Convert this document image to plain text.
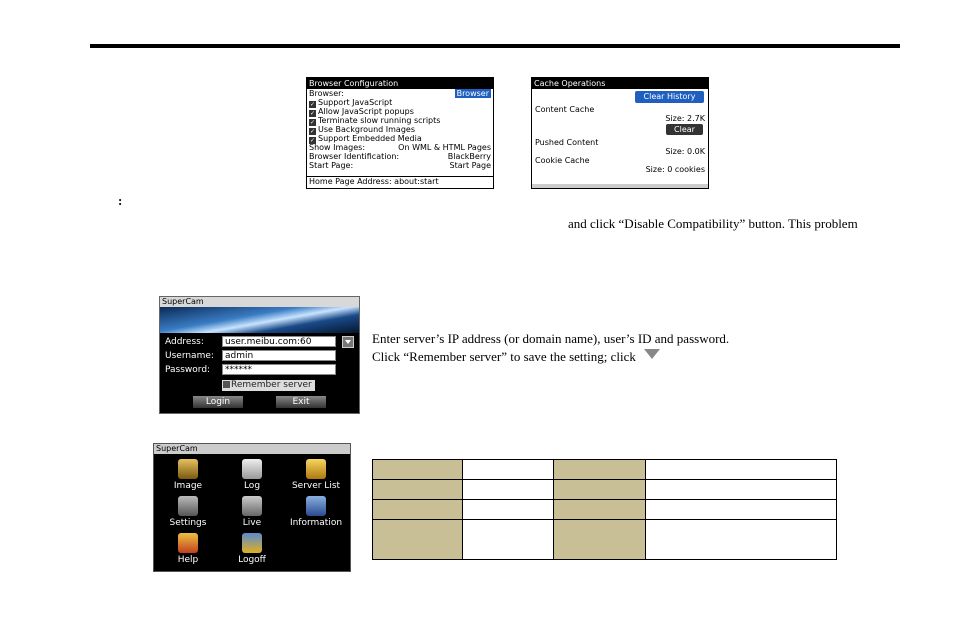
Browser Configuration
Browser:	Browser
✓ Support JavaScript
✓ Allow JavaScript popups
✓ Terminate slow running scripts
✓ Use Background Images
✓ Support Embedded Media
Show Images:	On WML & HTML Pages
Browser Identification:	BlackBerry
Start Page:	Start Page
Home Page Address: about:start
Cache Operations
Clear History
Content Cache
Size: 2.7K
Clear
Pushed Content
Size: 0.0K
Cookie Cache
Size: 0 cookies
:
and click “Disable Compatibility” button. This problem
SuperCam
Address:	user.meibu.com:60
Username:	admin
Password:	******
Remember server
Login	Exit
Enter server’s IP address (or domain name), user’s ID and password.
Click “Remember server” to save the setting; click
SuperCam
Image	Log	Server List
Settings	Live	Information
Help	Logoff
